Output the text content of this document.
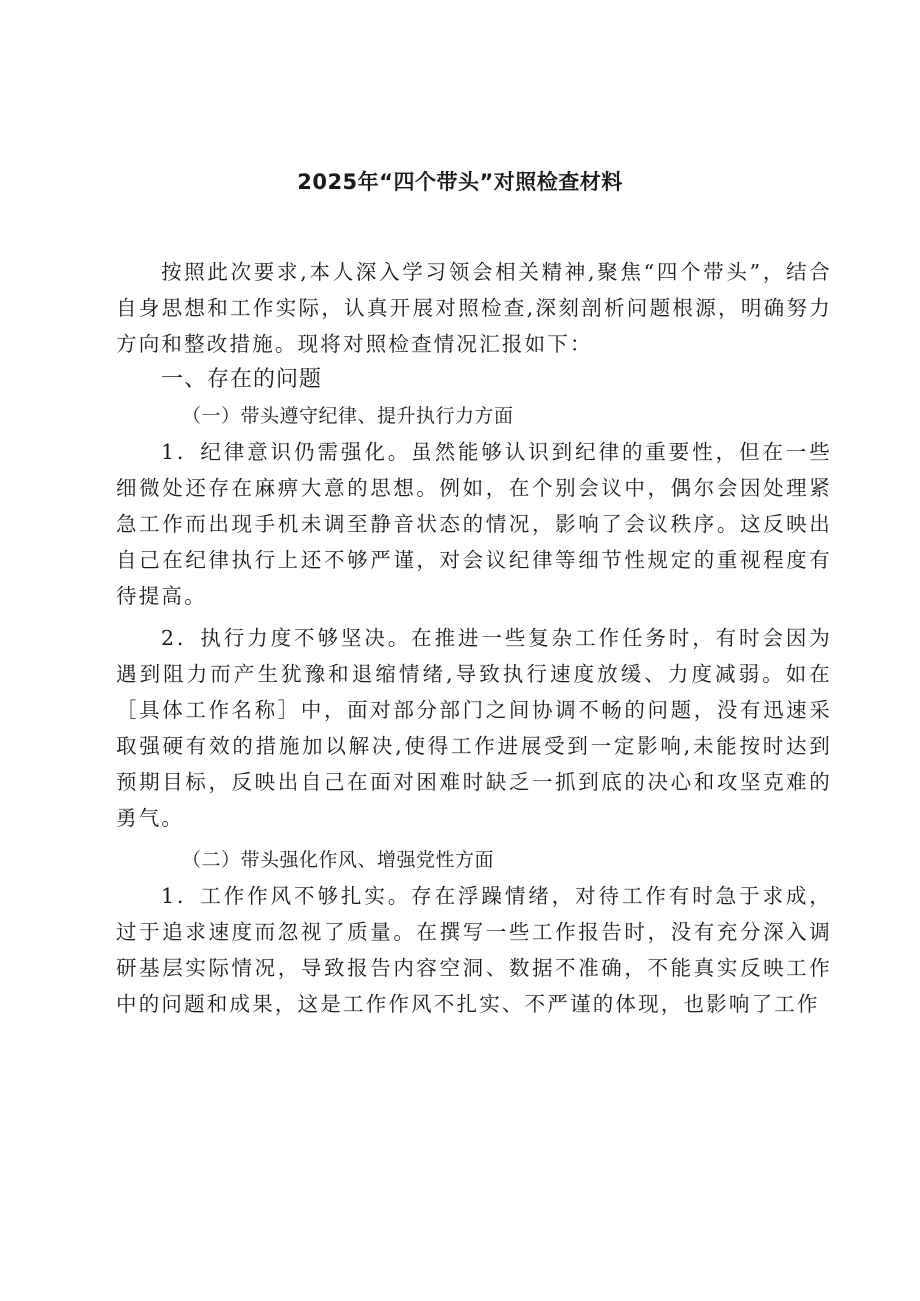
2025年“四个带头”对照检查材料

按照此次要求,本人深入学习领会相关精神,聚焦“四个带头”，结合自身思想和工作实际，认真开展对照检查,深刻剖析问题根源，明确努力方向和整改措施。现将对照检查情况汇报如下：

一、存在的问题
（一）带头遵守纪律、提升执行力方面

1．纪律意识仍需强化。虽然能够认识到纪律的重要性，但在一些细微处还存在麻痹大意的思想。例如，在个别会议中，偶尔会因处理紧急工作而出现手机未调至静音状态的情况，影响了会议秩序。这反映出自己在纪律执行上还不够严谨，对会议纪律等细节性规定的重视程度有待提高。

2．执行力度不够坚决。在推进一些复杂工作任务时，有时会因为遇到阻力而产生犹豫和退缩情绪,导致执行速度放缓、力度减弱。如在［具体工作名称］中，面对部分部门之间协调不畅的问题，没有迅速采取强硬有效的措施加以解决,使得工作进展受到一定影响,未能按时达到预期目标，反映出自己在面对困难时缺乏一抓到底的决心和攻坚克难的勇气。

（二）带头强化作风、增强党性方面

1．工作作风不够扎实。存在浮躁情绪，对待工作有时急于求成，过于追求速度而忽视了质量。在撰写一些工作报告时，没有充分深入调研基层实际情况，导致报告内容空洞、数据不准确，不能真实反映工作中的问题和成果，这是工作作风不扎实、不严谨的体现，也影响了工作
